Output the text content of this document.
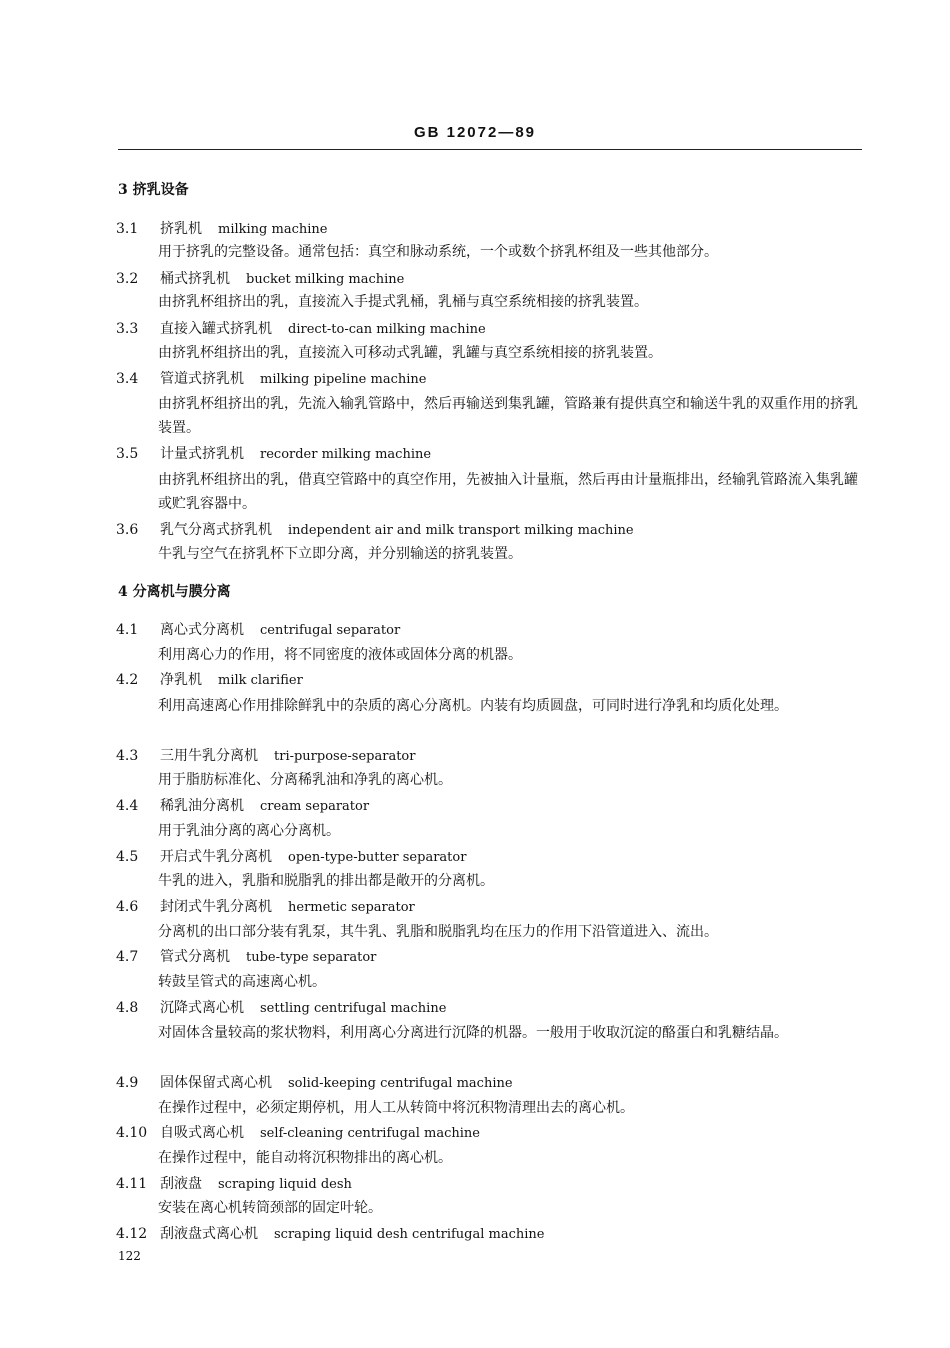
GB 12072—89
3 挤乳设备
3.1 挤乳机 milking machine
用于挤乳的完整设备。通常包括：真空和脉动系统，一个或数个挤乳杯组及一些其他部分。
3.2 桶式挤乳机 bucket milking machine
由挤乳杯组挤出的乳，直接流入手提式乳桶，乳桶与真空系统相接的挤乳装置。
3.3 直接入罐式挤乳机 direct-to-can milking machine
由挤乳杯组挤出的乳，直接流入可移动式乳罐，乳罐与真空系统相接的挤乳装置。
3.4 管道式挤乳机 milking pipeline machine
由挤乳杯组挤出的乳，先流入输乳管路中，然后再输送到集乳罐，管路兼有提供真空和输送牛乳的双重作用的挤乳装置。
3.5 计量式挤乳机 recorder milking machine
由挤乳杯组挤出的乳，借真空管路中的真空作用，先被抽入计量瓶，然后再由计量瓶排出，经输乳管路流入集乳罐或贮乳容器中。
3.6 乳气分离式挤乳机 independent air and milk transport milking machine
牛乳与空气在挤乳杯下立即分离，并分别输送的挤乳装置。
4 分离机与膜分离
4.1 离心式分离机 centrifugal separator
利用离心力的作用，将不同密度的液体或固体分离的机器。
4.2 净乳机 milk clarifier
利用高速离心作用排除鲜乳中的杂质的离心分离机。内装有均质圆盘，可同时进行净乳和均质化处理。
4.3 三用牛乳分离机 tri-purpose-separator
用于脂肪标准化、分离稀乳油和净乳的离心机。
4.4 稀乳油分离机 cream separator
用于乳油分离的离心分离机。
4.5 开启式牛乳分离机 open-type-butter separator
牛乳的进入，乳脂和脱脂乳的排出都是敞开的分离机。
4.6 封闭式牛乳分离机 hermetic separator
分离机的出口部分装有乳泵，其牛乳、乳脂和脱脂乳均在压力的作用下沿管道进入、流出。
4.7 管式分离机 tube-type separator
转鼓呈管式的高速离心机。
4.8 沉降式离心机 settling centrifugal machine
对固体含量较高的浆状物料，利用离心分离进行沉降的机器。一般用于收取沉淀的酪蛋白和乳糖结晶。
4.9 固体保留式离心机 solid-keeping centrifugal machine
在操作过程中，必须定期停机，用人工从转筒中将沉积物清理出去的离心机。
4.10 自吸式离心机 self-cleaning centrifugal machine
在操作过程中，能自动将沉积物排出的离心机。
4.11 刮液盘 scraping liquid desh
安装在离心机转筒颈部的固定叶轮。
4.12 刮液盘式离心机 scraping liquid desh centrifugal machine
122
